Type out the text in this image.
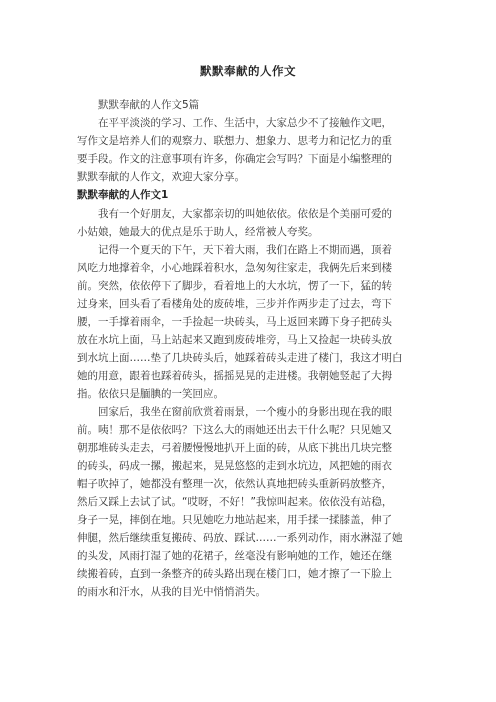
默默奉献的人作文
默默奉献的人作文5篇
在平平淡淡的学习、工作、生活中，大家总少不了接触作文吧，
写作文是培养人们的观察力、联想力、想象力、思考力和记忆力的重
要手段。作文的注意事项有许多，你确定会写吗？下面是小编整理的
默默奉献的人作文，欢迎大家分享。
默默奉献的人作文1
我有一个好朋友，大家都亲切的叫她依依。依依是个美丽可爱的
小姑娘，她最大的优点是乐于助人，经常被人夸奖。
记得一个夏天的下午，天下着大雨，我们在路上不期而遇，顶着
风吃力地撑着伞，小心地踩着积水，急匆匆往家走，我俩先后来到楼
前。突然，依依停下了脚步，看着地上的大水坑，愣了一下，猛的转
过身来，回头看了看楼角处的废砖堆，三步并作两步走了过去，弯下
腰，一手撑着雨伞，一手捡起一块砖头，马上返回来蹲下身子把砖头
放在水坑上面，马上站起来又跑到废砖堆旁，马上又捡起一块砖头放
到水坑上面……垫了几块砖头后，她踩着砖头走进了楼门，我这才明白
她的用意，跟着也踩着砖头，摇摇晃晃的走进楼。我朝她竖起了大拇
指。依依只是腼腆的一笑回应。
回家后，我坐在窗前欣赏着雨景，一个瘦小的身影出现在我的眼
前。咦！那不是依依吗？下这么大的雨她还出去干什么呢？只见她又
朝那堆砖头走去，弓着腰慢慢地扒开上面的砖，从底下挑出几块完整
的砖头，码成一摞，搬起来，晃晃悠悠的走到水坑边，风把她的雨衣
帽子吹掉了，她都没有整理一次，依然认真地把砖头重新码放整齐，
然后又踩上去试了试。“哎呀，不好！”我惊叫起来。依依没有站稳，
身子一晃，摔倒在地。只见她吃力地站起来，用手揉一揉膝盖，伸了
伸腿，然后继续重复搬砖、码放、踩试……一系列动作，雨水淋湿了她
的头发，风雨打湿了她的花裙子，丝毫没有影响她的工作，她还在继
续搬着砖，直到一条整齐的砖头路出现在楼门口，她才擦了一下脸上
的雨水和汗水，从我的目光中悄悄消失。
